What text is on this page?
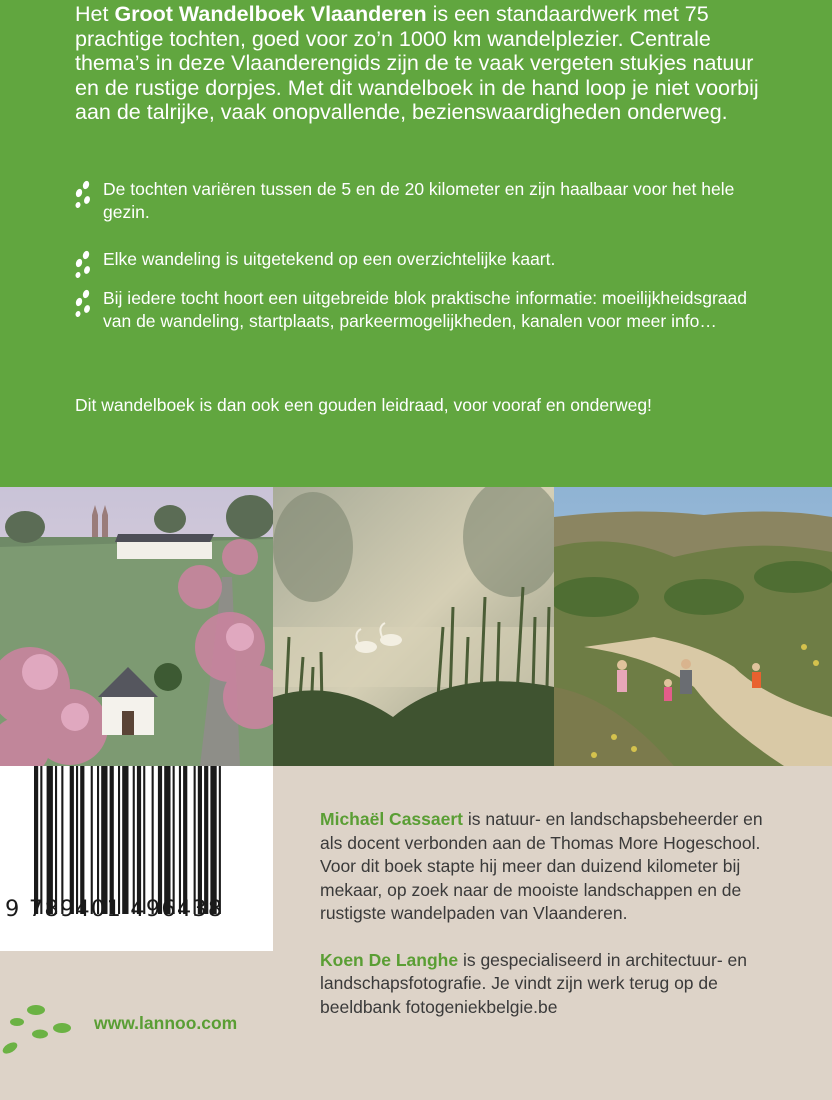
Het Groot Wandelboek Vlaanderen is een standaardwerk met 75 prachtige tochten, goed voor zo’n 1000 km wandelplezier. Centrale thema’s in deze Vlaanderengids zijn de te vaak vergeten stukjes natuur en de rustige dorpjes. Met dit wandelboek in de hand loop je niet voorbij aan de talrijke, vaak onopvallende, bezienswaardigheden onderweg.

De tochten variëren tussen de 5 en de 20 kilometer en zijn haalbaar voor het hele gezin.
Elke wandeling is uitgetekend op een overzichtelijke kaart.
Bij iedere tocht hoort een uitgebreide blok praktische informatie: moeilijkheidsgraad van de wandeling, startplaats, parkeermogelijkheden, kanalen voor meer info…

Dit wandelboek is dan ook een gouden leidraad, voor vooraf en onderweg!

9 789401 496438

Michaël Cassaert is natuur- en landschapsbeheerder en als docent verbonden aan de Thomas More Hogeschool. Voor dit boek stapte hij meer dan duizend kilometer bij mekaar, op zoek naar de mooiste landschappen en de rustigste wandelpaden van Vlaanderen.

Koen De Langhe is gespecialiseerd in architectuur- en landschapsfotografie. Je vindt zijn werk terug op de beeldbank fotogeniekbelgie.be

www.lannoo.com
